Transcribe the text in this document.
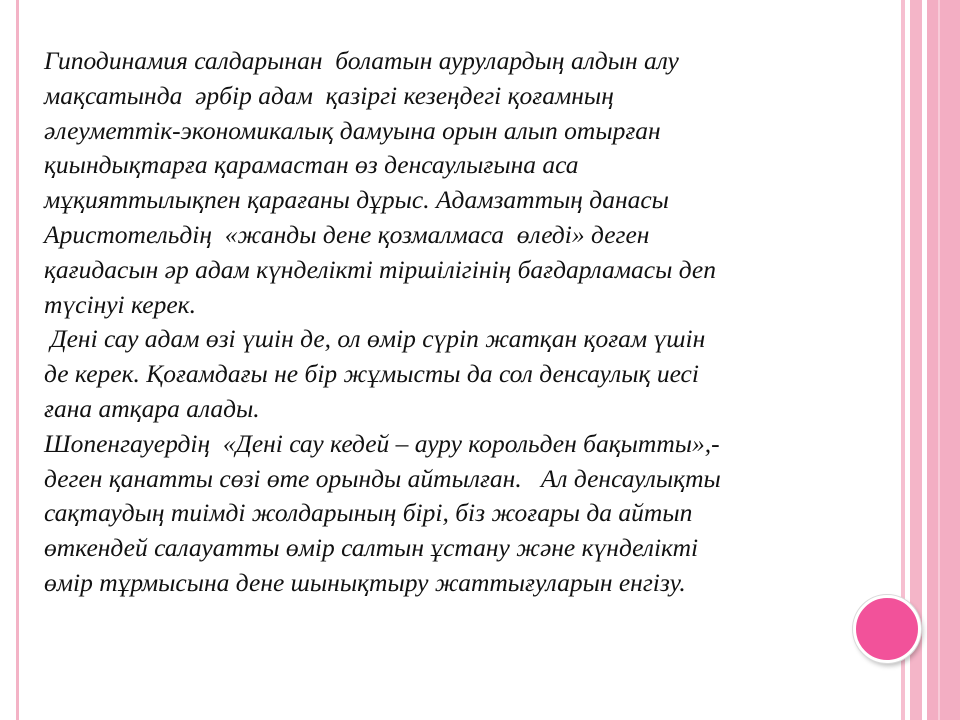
Гиподинамия салдарынан  болатын аурулардың алдын алу
мақсатында  әрбір адам  қазіргі кезеңдегі қоғамның
әлеуметтік-экономикалық дамуына орын алып отырған
қиындықтарға қарамастан өз денсаулығына аса
мұқияттылықпен қарағаны дұрыс. Адамзаттың данасы
Аристотельдің  «жанды дене қозмалмаса  өледі» деген
қағидасын әр адам күнделікті тіршілігінің бағдарламасы деп
түсінуі керек.
Дені сау адам өзі үшін де, ол өмір сүріп жатқан қоғам үшін
де керек. Қоғамдағы не бір жұмысты да сол денсаулық иесі
ғана атқара алады.
Шопенгауердің  «Дені сау кедей – ауру корольден бақытты»,-
деген қанатты сөзі өте орынды айтылған.   Ал денсаулықты
сақтаудың тиімді жолдарының бірі, біз жоғары да айтып
өткендей салауатты өмір салтын ұстану және күнделікті
өмір тұрмысына дене шынықтыру жаттығуларын енгізу.
